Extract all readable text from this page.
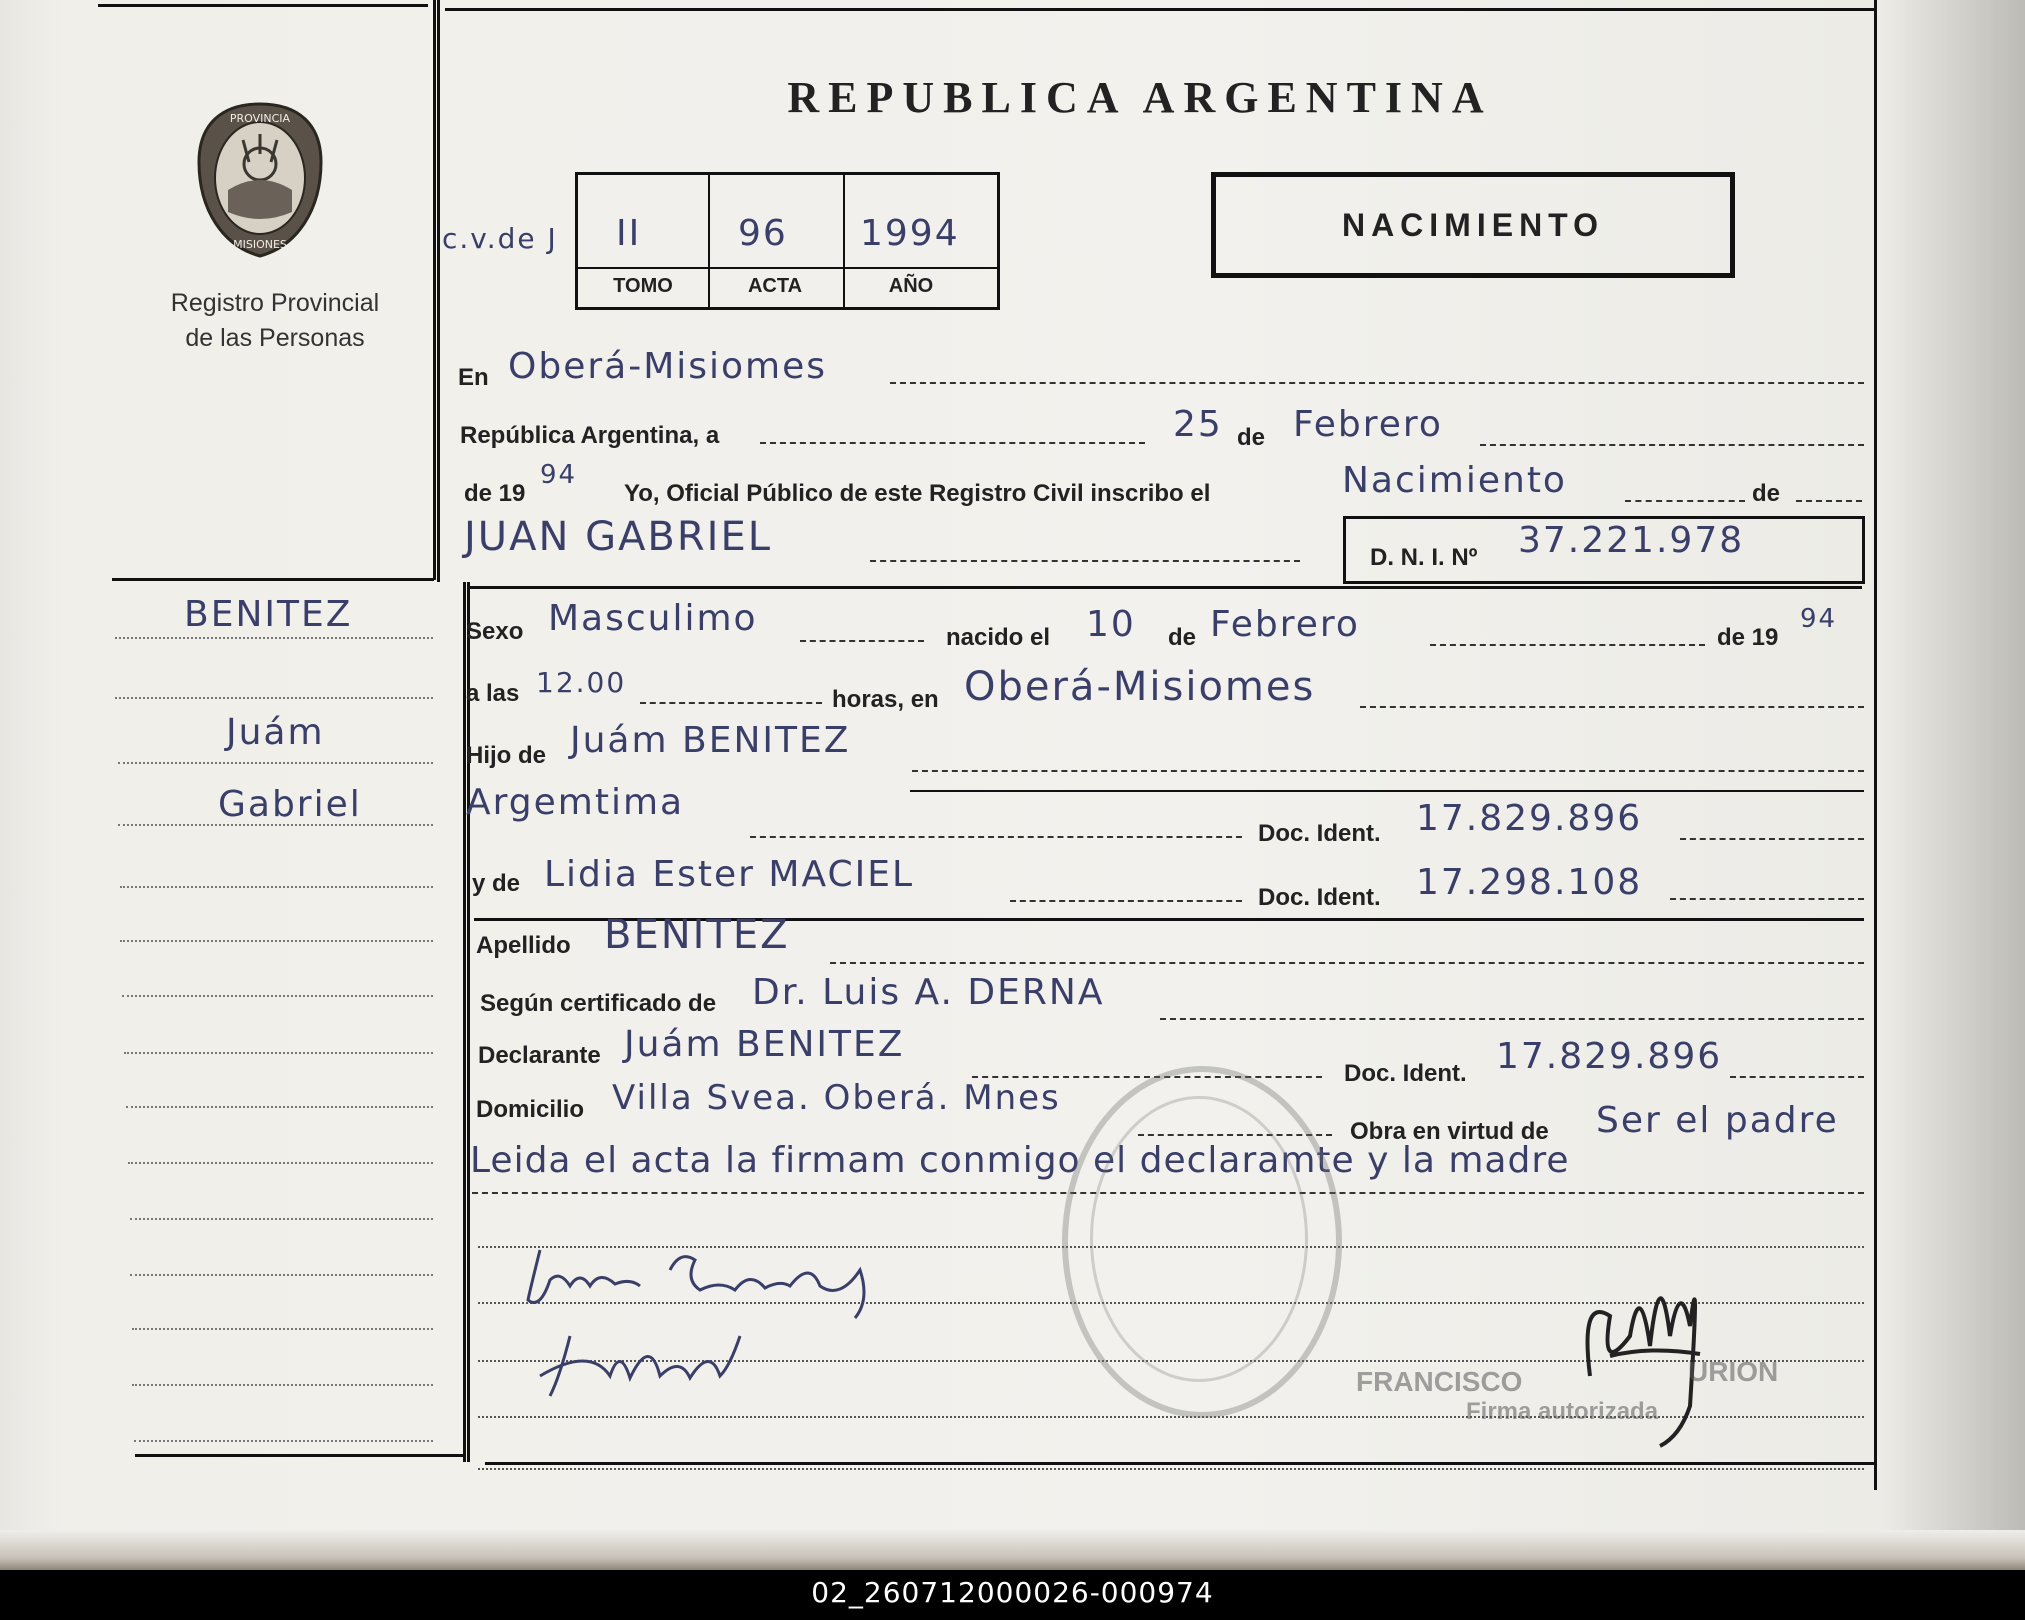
PROVINCIA
MISIONES
Registro Provincial
de las Personas
BENITEZ
Juám
Gabriel
REPUBLICA ARGENTINA
c.v.de J II	96 1994
TOMO	ACTA	AÑO
NACIMIENTO
En Oberá-Misiomes
República Argentina, a	25 de Febrero
de 19
94
Yo, Oficial Público de este Registro Civil inscribo el	Nacimiento	de
JUAN GABRIEL	D. N. I. Nº 37.221.978
Sexo Masculimo	nacido el 10 de Febrero	de 19
94
a las 12.00
horas, en Oberá-Misiomes
Hijo de Juám BENITEZ
Argemtima
Doc. Ident. 17.829.896
y de Lidia Ester MACIEL
Doc. Ident. 17.298.108
Apellido BENITEZ
Según certificado de Dr. Luis A. DERNA
Declarante Juám BENITEZ
Doc. Ident. 17.829.896
Domicilio Villa Svea. Oberá. Mnes
Obra en virtud de Ser el padre
Leida el acta la firmam conmigo el declaramte y la madre
FRANCISCO	URION
Firma autorizada
02_260712000026-000974
